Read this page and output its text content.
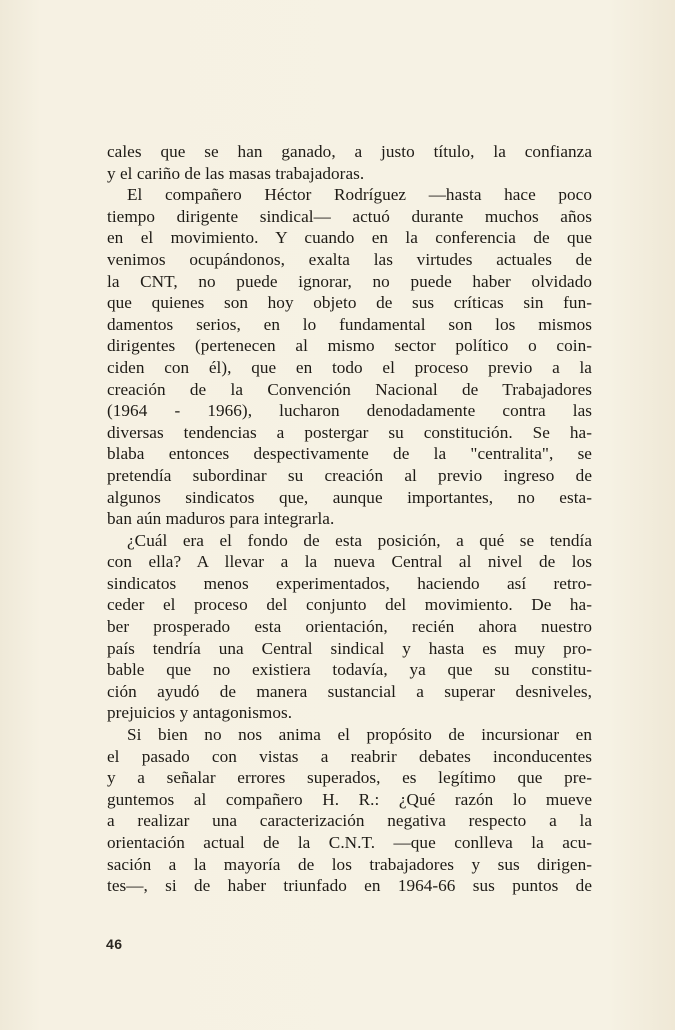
cales que se han ganado, a justo título, la confianza
y el cariño de las masas trabajadoras.
El compañero Héctor Rodríguez —hasta hace poco
tiempo dirigente sindical— actuó durante muchos años
en el movimiento. Y cuando en la conferencia de que
venimos ocupándonos, exalta las virtudes actuales de
la CNT, no puede ignorar, no puede haber olvidado
que quienes son hoy objeto de sus críticas sin fun-
damentos serios, en lo fundamental son los mismos
dirigentes (pertenecen al mismo sector político o coin-
ciden con él), que en todo el proceso previo a la
creación de la Convención Nacional de Trabajadores
(1964 - 1966), lucharon denodadamente contra las
diversas tendencias a postergar su constitución. Se ha-
blaba entonces despectivamente de la "centralita", se
pretendía subordinar su creación al previo ingreso de
algunos sindicatos que, aunque importantes, no esta-
ban aún maduros para integrarla.
¿Cuál era el fondo de esta posición, a qué se tendía
con ella? A llevar a la nueva Central al nivel de los
sindicatos menos experimentados, haciendo así retro-
ceder el proceso del conjunto del movimiento. De ha-
ber prosperado esta orientación, recién ahora nuestro
país tendría una Central sindical y hasta es muy pro-
bable que no existiera todavía, ya que su constitu-
ción ayudó de manera sustancial a superar desniveles,
prejuicios y antagonismos.
Si bien no nos anima el propósito de incursionar en
el pasado con vistas a reabrir debates inconducentes
y a señalar errores superados, es legítimo que pre-
guntemos al compañero H. R.: ¿Qué razón lo mueve
a realizar una caracterización negativa respecto a la
orientación actual de la C.N.T. —que conlleva la acu-
sación a la mayoría de los trabajadores y sus dirigen-
tes—, si de haber triunfado en 1964-66 sus puntos de
46
